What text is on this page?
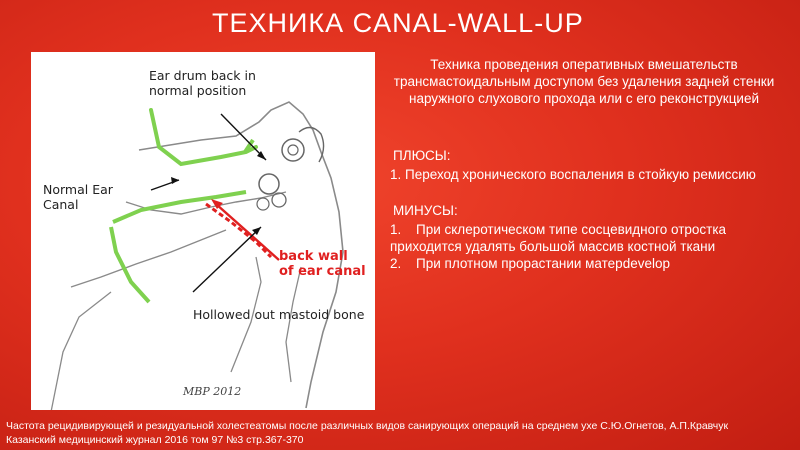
ТЕХНИКА CANAL-WALL-UP
Ear drum back in
normal position
Normal Ear
Canal
back wall
of ear canal
Hollowed out mastoid bone
MBP 2012
Техника проведения оперативных вмешательств трансмастоидальным доступом без удаления задней стенки наружного слухового прохода или с его реконструкцией
ПЛЮСЫ:
1. Переход хронического воспаления в стойкую ремиссию
МИНУСЫ:
1. При склеротическом типе сосцевидного отростка приходится удалять большой массив костной ткани
2. При плотном прорастании матерdevelop
Частота рецидивирующей и резидуальной холестеатомы после различных видов санирующих операций на среднем ухе С.Ю.Огнетов, А.П.Кравчук
Казанский медицинский журнал 2016 том 97 №3 стр.367-370
